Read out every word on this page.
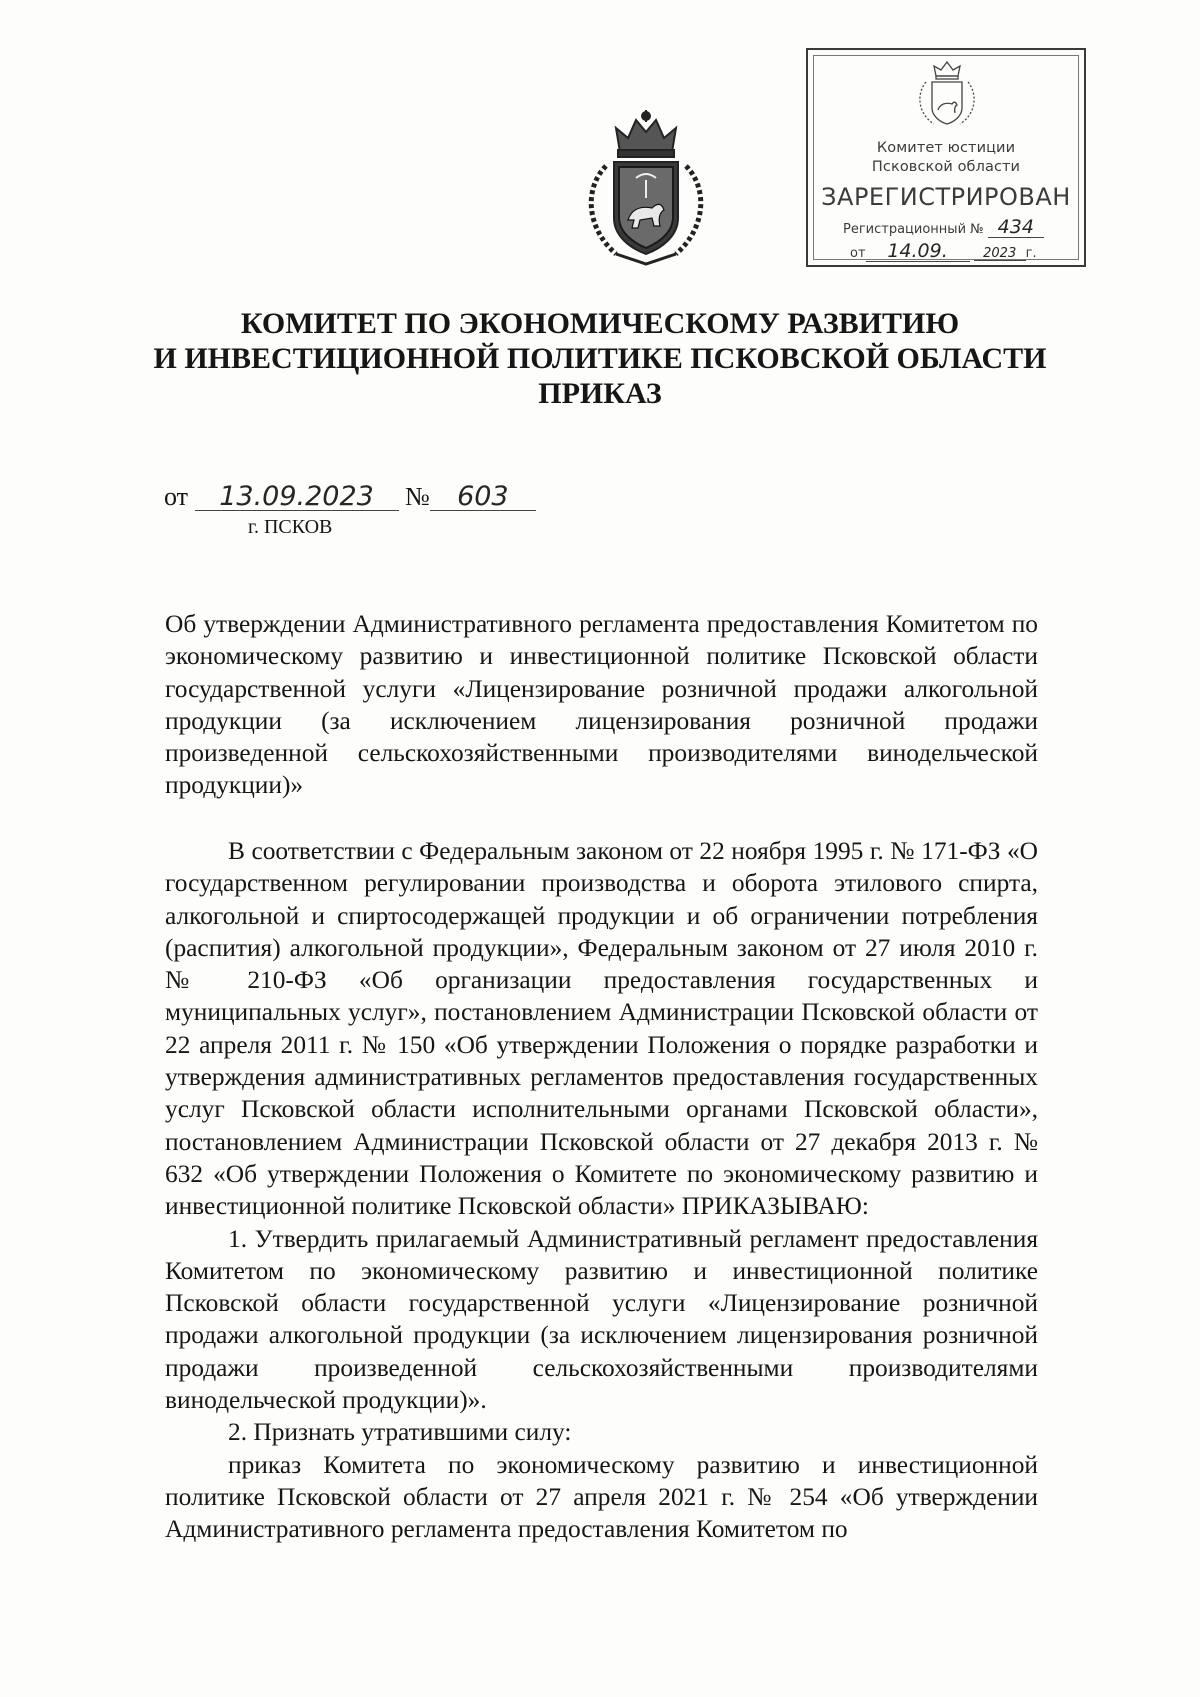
Комитет юстиции
Псковской области
ЗАРЕГИСТРИРОВАН
Регистрационный № 434
от 14.09.	2023 г.
КОМИТЕТ ПО ЭКОНОМИЧЕСКОМУ РАЗВИТИЮ
И ИНВЕСТИЦИОННОЙ ПОЛИТИКЕ ПСКОВСКОЙ ОБЛАСТИ
ПРИКАЗ
от 13.09.2023 № 603
г. ПСКОВ

Об утверждении Административного регламента предоставления Комитетом по экономическому развитию и инвестиционной политике Псковской области государственной услуги «Лицензирование розничной продажи алкогольной продукции (за исключением лицензирования розничной продажи произведенной сельскохозяйственными производителями винодельческой продукции)»

В соответствии с Федеральным законом от 22 ноября 1995 г. № 171-ФЗ «О государственном регулировании производства и оборота этилового спирта, алкогольной и спиртосодержащей продукции и об ограничении потребления (распития) алкогольной продукции», Федеральным законом от 27 июля 2010 г. № 210-ФЗ «Об организации предоставления государственных и муниципальных услуг», постановлением Администрации Псковской области от 22 апреля 2011 г. № 150 «Об утверждении Положения о порядке разработки и утверждения административных регламентов предоставления государственных услуг Псковской области исполнительными органами Псковской области», постановлением Администрации Псковской области от 27 декабря 2013 г. № 632 «Об утверждении Положения о Комитете по экономическому развитию и инвестиционной политике Псковской области» ПРИКАЗЫВАЮ:

1. Утвердить прилагаемый Административный регламент предоставления Комитетом по экономическому развитию и инвестиционной политике Псковской области государственной услуги «Лицензирование розничной продажи алкогольной продукции (за исключением лицензирования розничной продажи произведенной сельскохозяйственными производителями винодельческой продукции)».

2. Признать утратившими силу:

приказ Комитета по экономическому развитию и инвестиционной политике Псковской области от 27 апреля 2021 г. № 254 «Об утверждении Административного регламента предоставления Комитетом по
